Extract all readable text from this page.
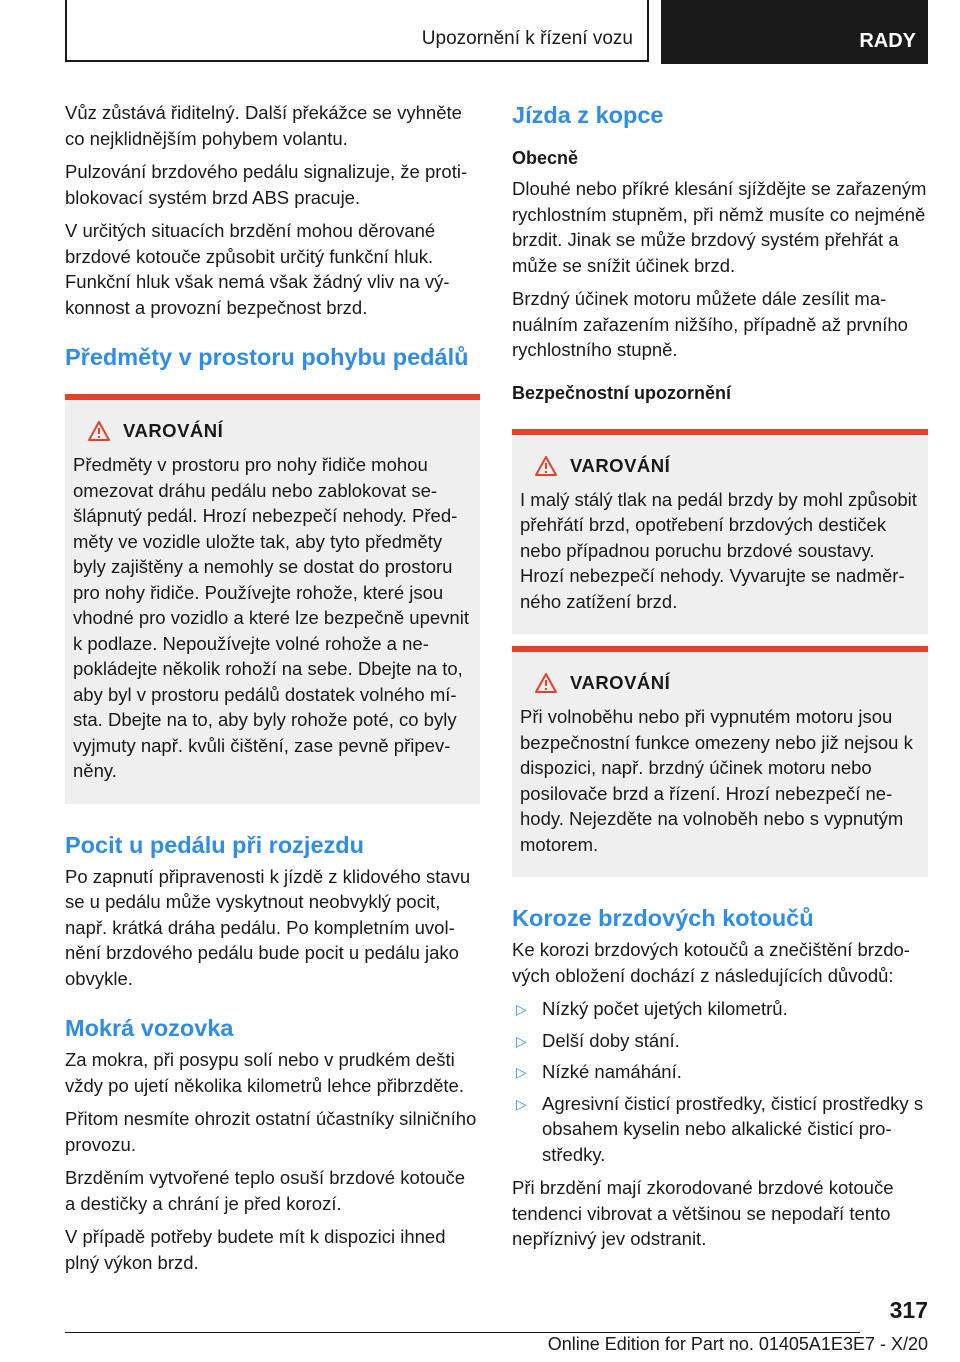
Upozornění k řízení vozu	RADY

Vůz zůstává řiditelný. Další překážce se vyhněte co nejklidnějším pohybem volantu.

Pulzování brzdového pedálu signalizuje, že protiblokovací systém brzd ABS pracuje.

V určitých situacích brzdění mohou děrované brzdové kotouče způsobit určitý funkční hluk. Funkční hluk však nemá však žádný vliv na výkonnost a provozní bezpečnost brzd.

Předměty v prostoru pohybu pedálů
VAROVÁNÍ

Předměty v prostoru pro nohy řidiče mohou omezovat dráhu pedálu nebo zablokovat sešlápnutý pedál. Hrozí nebezpečí nehody. Předměty ve vozidle uložte tak, aby tyto předměty byly zajištěny a nemohly se dostat do prostoru pro nohy řidiče. Používejte rohože, které jsou vhodné pro vozidlo a které lze bezpečně upevnit k podlaze. Nepoužívejte volné rohože a nepokládejte několik rohoží na sebe. Dbejte na to, aby byl v prostoru pedálů dostatek volného místa. Dbejte na to, aby byly rohože poté, co byly vyjmuty např. kvůli čištění, zase pevně připevněny.

Pocit u pedálu při rozjezdu

Po zapnutí připravenosti k jízdě z klidového stavu se u pedálu může vyskytnout neobvyklý pocit, např. krátká dráha pedálu. Po kompletním uvolnění brzdového pedálu bude pocit u pedálu jako obvykle.

Mokrá vozovka

Za mokra, při posypu solí nebo v prudkém dešti vždy po ujetí několika kilometrů lehce přibrzděte.

Přitom nesmíte ohrozit ostatní účastníky silničního provozu.

Brzděním vytvořené teplo osuší brzdové kotouče a destičky a chrání je před korozí.

V případě potřeby budete mít k dispozici ihned plný výkon brzd.

Jízda z kopce
Obecně

Dlouhé nebo příkré klesání sjíždějte se zařazeným rychlostním stupněm, při němž musíte co nejméně brzdit. Jinak se může brzdový systém přehřát a může se snížit účinek brzd.

Brzdný účinek motoru můžete dále zesílit manuálním zařazením nižšího, případně až prvního rychlostního stupně.

Bezpečnostní upozornění
VAROVÁNÍ

I malý stálý tlak na pedál brzdy by mohl způsobit přehřátí brzd, opotřebení brzdových destiček nebo případnou poruchu brzdové soustavy. Hrozí nebezpečí nehody. Vyvarujte se nadměrného zatížení brzd.

VAROVÁNÍ

Při volnoběhu nebo při vypnutém motoru jsou bezpečnostní funkce omezeny nebo již nejsou k dispozici, např. brzdný účinek motoru nebo posilovače brzd a řízení. Hrozí nebezpečí nehody. Nejezděte na volnoběh nebo s vypnutým motorem.

Koroze brzdových kotoučů

Ke korozi brzdových kotoučů a znečištění brzdových obložení dochází z následujících důvodů:

▷ Nízký počet ujetých kilometrů.
▷ Delší doby stání.
▷ Nízké namáhání.
▷ Agresivní čisticí prostředky, čisticí prostředky s obsahem kyselin nebo alkalické čisticí prostředky.

Při brzdění mají zkorodované brzdové kotouče tendenci vibrovat a většinou se nepodaří tento nepříznivý jev odstranit.

317
Online Edition for Part no. 01405A1E3E7 - X/20
